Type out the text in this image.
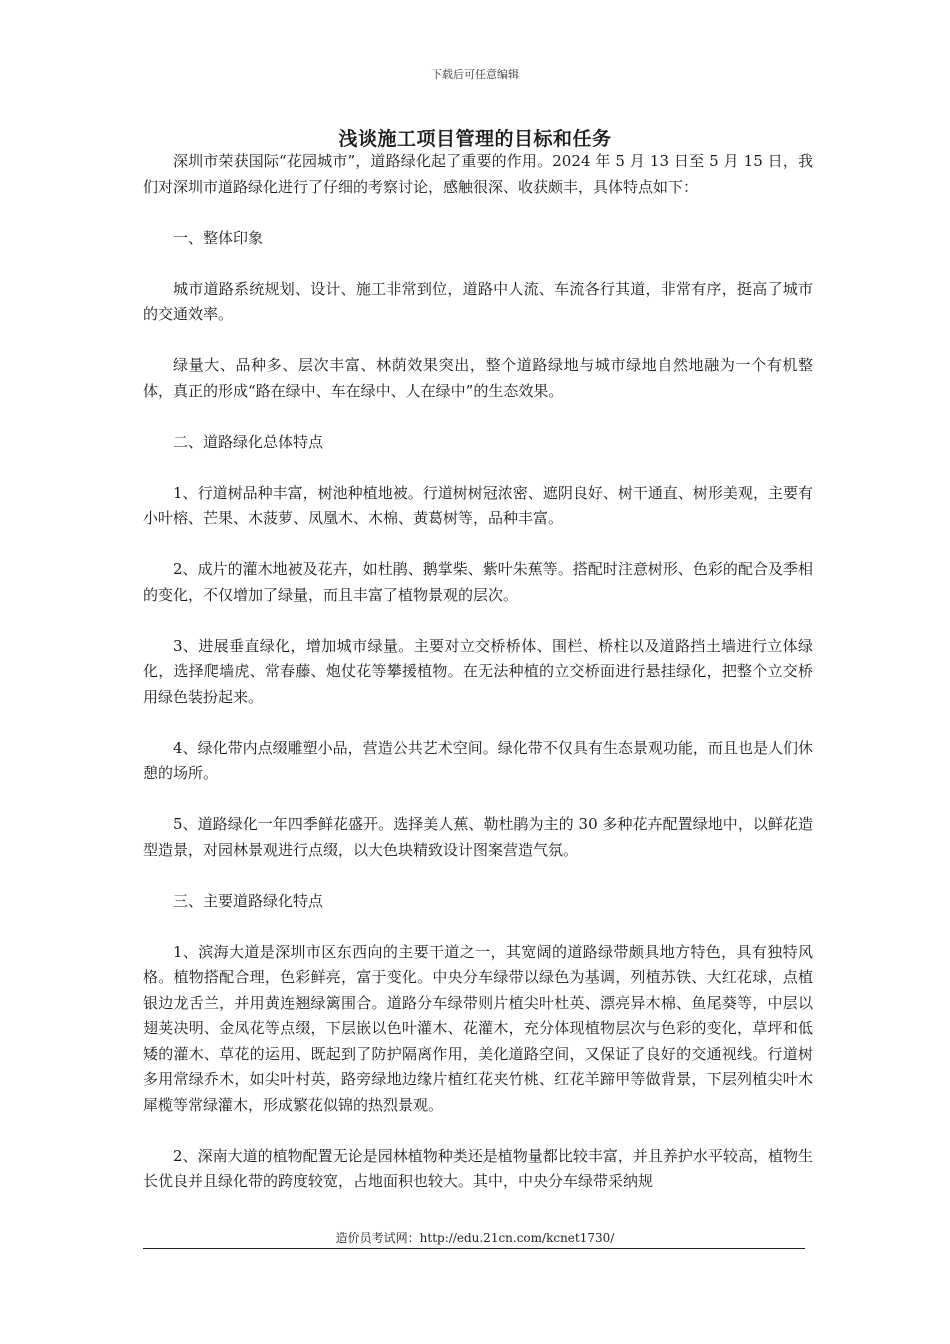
下载后可任意编辑
浅谈施工项目管理的目标和任务

深圳市荣获国际“花园城市”，道路绿化起了重要的作用。2024 年 5 月 13 日至 5 月 15 日，我们对深圳市道路绿化进行了仔细的考察讨论，感触很深、收获颇丰，具体特点如下：

一、整体印象

城市道路系统规划、设计、施工非常到位，道路中人流、车流各行其道，非常有序，挺高了城市的交通效率。

绿量大、品种多、层次丰富、林荫效果突出，整个道路绿地与城市绿地自然地融为一个有机整体，真正的形成“路在绿中、车在绿中、人在绿中”的生态效果。

二、道路绿化总体特点

1、行道树品种丰富，树池种植地被。行道树树冠浓密、遮阴良好、树干通直、树形美观，主要有小叶榕、芒果、木菠萝、凤凰木、木棉、黄葛树等，品种丰富。

2、成片的灌木地被及花卉，如杜鹃、鹅掌柴、紫叶朱蕉等。搭配时注意树形、色彩的配合及季相的变化，不仅增加了绿量，而且丰富了植物景观的层次。

3、进展垂直绿化，增加城市绿量。主要对立交桥桥体、围栏、桥柱以及道路挡土墙进行立体绿化，选择爬墙虎、常春藤、炮仗花等攀援植物。在无法种植的立交桥面进行悬挂绿化，把整个立交桥用绿色装扮起来。

4、绿化带内点缀雕塑小品，营造公共艺术空间。绿化带不仅具有生态景观功能，而且也是人们休憩的场所。

5、道路绿化一年四季鲜花盛开。选择美人蕉、勒杜鹃为主的 30 多种花卉配置绿地中，以鲜花造型造景，对园林景观进行点缀，以大色块精致设计图案营造气氛。

三、主要道路绿化特点

1、滨海大道是深圳市区东西向的主要干道之一，其宽阔的道路绿带颇具地方特色，具有独特风格。植物搭配合理，色彩鲜亮，富于变化。中央分车绿带以绿色为基调，列植苏铁、大红花球，点植银边龙舌兰，并用黄连翘绿篱围合。道路分车绿带则片植尖叶杜英、漂亮异木棉、鱼尾葵等，中层以翅荚决明、金凤花等点缀，下层嵌以色叶灌木、花灌木，充分体现植物层次与色彩的变化，草坪和低矮的灌木、草花的运用、既起到了防护隔离作用，美化道路空间，又保证了良好的交通视线。行道树多用常绿乔木，如尖叶村英，路旁绿地边缘片植红花夹竹桃、红花羊蹄甲等做背景，下层列植尖叶木犀榄等常绿灌木，形成繁花似锦的热烈景观。

2、深南大道的植物配置无论是园林植物种类还是植物量都比较丰富，并且养护水平较高，植物生长优良并且绿化带的跨度较宽，占地面积也较大。其中，中央分车绿带采纳规

造价员考试网：http://edu.21cn.com/kcnet1730/
